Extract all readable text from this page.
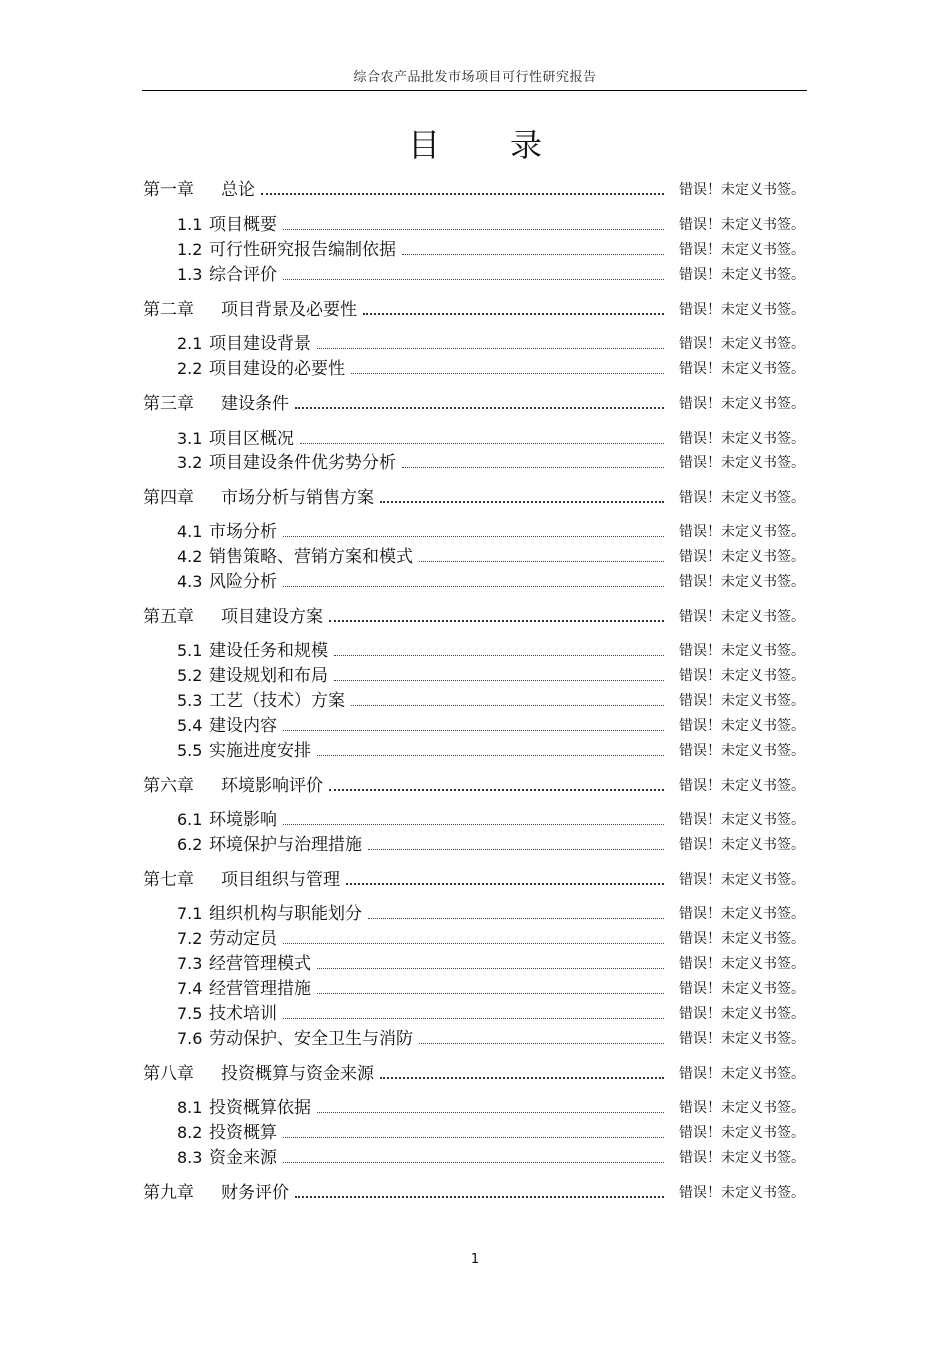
综合农产品批发市场项目可行性研究报告
目 录
第一章 总论	错误！未定义书签。
1.1 项目概要	错误！未定义书签。
1.2 可行性研究报告编制依据	错误！未定义书签。
1.3 综合评价	错误！未定义书签。
第二章 项目背景及必要性	错误！未定义书签。
2.1 项目建设背景	错误！未定义书签。
2.2 项目建设的必要性	错误！未定义书签。
第三章 建设条件	错误！未定义书签。
3.1 项目区概况	错误！未定义书签。
3.2 项目建设条件优劣势分析	错误！未定义书签。
第四章 市场分析与销售方案	错误！未定义书签。
4.1 市场分析	错误！未定义书签。
4.2 销售策略、营销方案和模式	错误！未定义书签。
4.3 风险分析	错误！未定义书签。
第五章 项目建设方案	错误！未定义书签。
5.1 建设任务和规模	错误！未定义书签。
5.2 建设规划和布局	错误！未定义书签。
5.3 工艺（技术）方案	错误！未定义书签。
5.4 建设内容	错误！未定义书签。
5.5 实施进度安排	错误！未定义书签。
第六章 环境影响评价	错误！未定义书签。
6.1 环境影响	错误！未定义书签。
6.2 环境保护与治理措施	错误！未定义书签。
第七章 项目组织与管理	错误！未定义书签。
7.1 组织机构与职能划分	错误！未定义书签。
7.2 劳动定员	错误！未定义书签。
7.3 经营管理模式	错误！未定义书签。
7.4 经营管理措施	错误！未定义书签。
7.5 技术培训	错误！未定义书签。
7.6 劳动保护、安全卫生与消防	错误！未定义书签。
第八章 投资概算与资金来源	错误！未定义书签。
8.1 投资概算依据	错误！未定义书签。
8.2 投资概算	错误！未定义书签。
8.3 资金来源	错误！未定义书签。
第九章 财务评价	错误！未定义书签。
1
